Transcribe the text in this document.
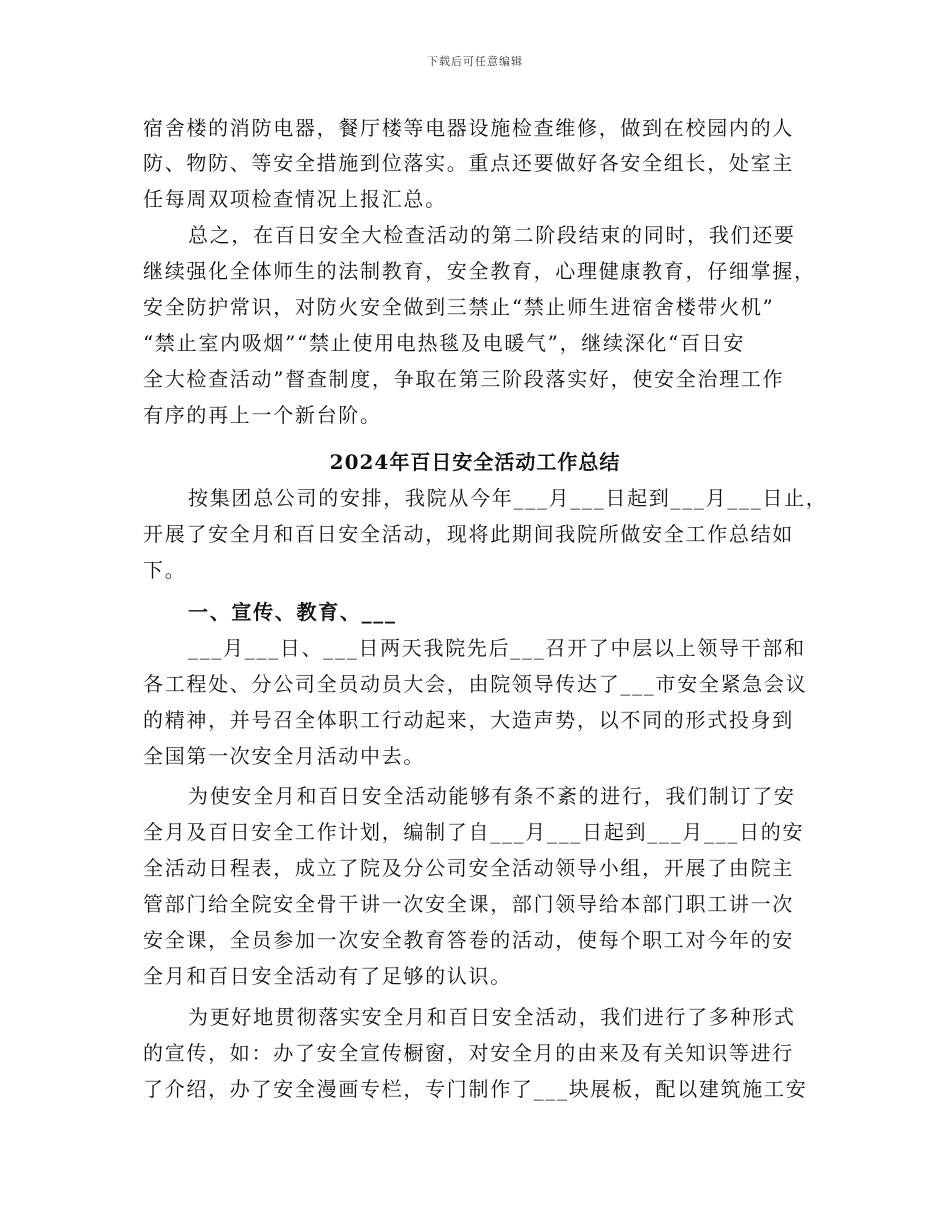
下载后可任意编辑
宿舍楼的消防电器，餐厅楼等电器设施检查维修，做到在校园内的人
防、物防、等安全措施到位落实。重点还要做好各安全组长，处室主
任每周双项检查情况上报汇总。
总之，在百日安全大检查活动的第二阶段结束的同时，我们还要
继续强化全体师生的法制教育，安全教育，心理健康教育，仔细掌握，
安全防护常识，对防火安全做到三禁止“禁止师生进宿舍楼带火机”
“禁止室内吸烟”“禁止使用电热毯及电暖气”，继续深化“百日安
全大检查活动”督查制度，争取在第三阶段落实好，使安全治理工作
有序的再上一个新台阶。
2024年百日安全活动工作总结
按集团总公司的安排，我院从今年___月___日起到___月___日止，
开展了安全月和百日安全活动，现将此期间我院所做安全工作总结如
下。
一、宣传、教育、___
___月___日、___日两天我院先后___召开了中层以上领导干部和
各工程处、分公司全员动员大会，由院领导传达了___市安全紧急会议
的精神，并号召全体职工行动起来，大造声势，以不同的形式投身到
全国第一次安全月活动中去。
为使安全月和百日安全活动能够有条不紊的进行，我们制订了安
全月及百日安全工作计划，编制了自___月___日起到___月___日的安
全活动日程表，成立了院及分公司安全活动领导小组，开展了由院主
管部门给全院安全骨干讲一次安全课，部门领导给本部门职工讲一次
安全课，全员参加一次安全教育答卷的活动，使每个职工对今年的安
全月和百日安全活动有了足够的认识。
为更好地贯彻落实安全月和百日安全活动，我们进行了多种形式
的宣传，如：办了安全宣传橱窗，对安全月的由来及有关知识等进行
了介绍，办了安全漫画专栏，专门制作了___块展板，配以建筑施工安
